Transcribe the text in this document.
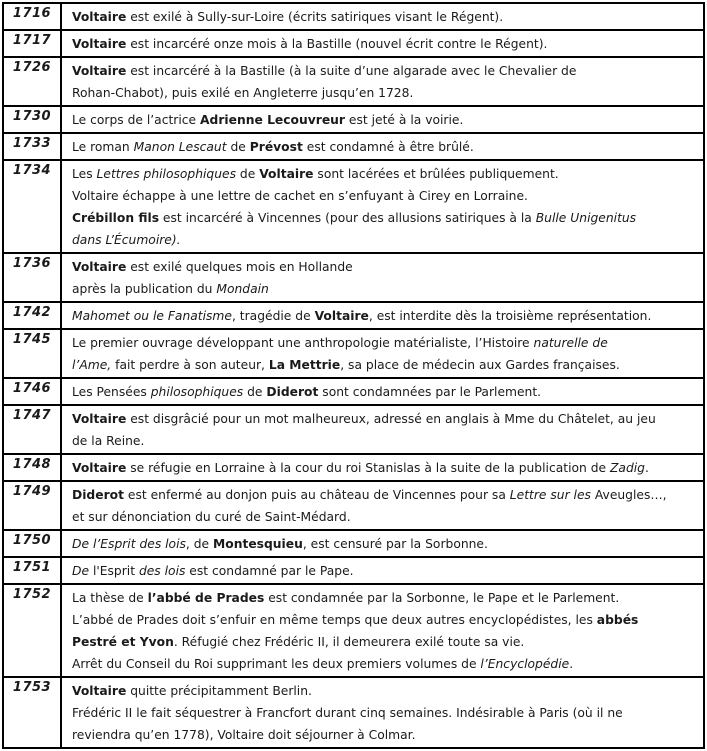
1716	Voltaire est exilé à Sully-sur-Loire (écrits satiriques visant le Régent).

1717	Voltaire est incarcéré onze mois à la Bastille (nouvel écrit contre le Régent).

1726	Voltaire est incarcéré à la Bastille (à la suite d’une algarade avec le Chevalier de
Rohan-Chabot), puis exilé en Angleterre jusqu’en 1728.

1730	Le corps de l’actrice Adrienne Lecouvreur est jeté à la voirie.

1733	Le roman Manon Lescaut de Prévost est condamné à être brûlé.

1734	Les Lettres philosophiques de Voltaire sont lacérées et brûlées publiquement.
Voltaire échappe à une lettre de cachet en s’enfuyant à Cirey en Lorraine.
Crébillon fils est incarcéré à Vincennes (pour des allusions satiriques à la Bulle Unigenitus
dans L’Écumoire).

1736	Voltaire est exilé quelques mois en Hollande
après la publication du Mondain

1742	Mahomet ou le Fanatisme, tragédie de Voltaire, est interdite dès la troisième représentation.

1745	Le premier ouvrage développant une anthropologie matérialiste, l’Histoire naturelle de
l’Ame, fait perdre à son auteur, La Mettrie, sa place de médecin aux Gardes françaises.

1746	Les Pensées philosophiques de Diderot sont condamnées par le Parlement.

1747	Voltaire est disgrâcié pour un mot malheureux, adressé en anglais à Mme du Châtelet, au jeu
de la Reine.

1748	Voltaire se réfugie en Lorraine à la cour du roi Stanislas à la suite de la publication de Zadig.

1749	Diderot est enfermé au donjon puis au château de Vincennes pour sa Lettre sur les Aveugles…,
et sur dénonciation du curé de Saint-Médard.

1750	De l’Esprit des lois, de Montesquieu, est censuré par la Sorbonne.

1751	De l'Esprit des lois est condamné par le Pape.

1752	La thèse de l’abbé de Prades est condamnée par la Sorbonne, le Pape et le Parlement.
L’abbé de Prades doit s’enfuir en même temps que deux autres encyclopédistes, les abbés
Pestré et Yvon. Réfugié chez Frédéric II, il demeurera exilé toute sa vie.
Arrêt du Conseil du Roi supprimant les deux premiers volumes de l’Encyclopédie.

1753	Voltaire quitte précipitamment Berlin.
Frédéric II le fait séquestrer à Francfort durant cinq semaines. Indésirable à Paris (où il ne
reviendra qu’en 1778), Voltaire doit séjourner à Colmar.
